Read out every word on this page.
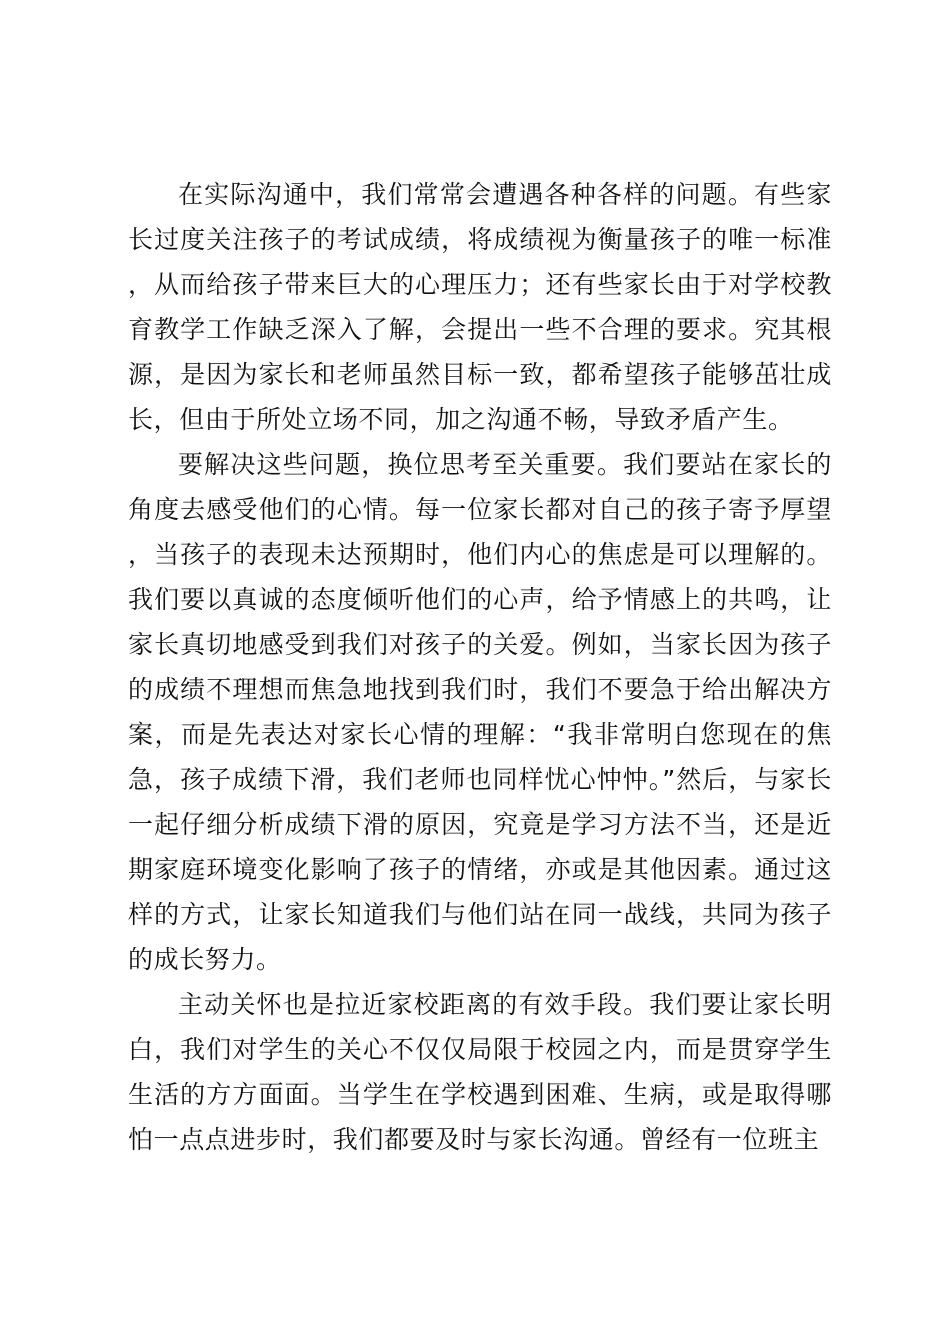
在实际沟通中，我们常常会遭遇各种各样的问题。有些家长过度关注孩子的考试成绩，将成绩视为衡量孩子的唯一标准，从而给孩子带来巨大的心理压力；还有些家长由于对学校教育教学工作缺乏深入了解，会提出一些不合理的要求。究其根源，是因为家长和老师虽然目标一致，都希望孩子能够茁壮成长，但由于所处立场不同，加之沟通不畅，导致矛盾产生。

要解决这些问题，换位思考至关重要。我们要站在家长的角度去感受他们的心情。每一位家长都对自己的孩子寄予厚望，当孩子的表现未达预期时，他们内心的焦虑是可以理解的。我们要以真诚的态度倾听他们的心声，给予情感上的共鸣，让家长真切地感受到我们对孩子的关爱。例如，当家长因为孩子的成绩不理想而焦急地找到我们时，我们不要急于给出解决方案，而是先表达对家长心情的理解：“我非常明白您现在的焦急，孩子成绩下滑，我们老师也同样忧心忡忡。”然后，与家长一起仔细分析成绩下滑的原因，究竟是学习方法不当，还是近期家庭环境变化影响了孩子的情绪，亦或是其他因素。通过这样的方式，让家长知道我们与他们站在同一战线，共同为孩子的成长努力。

主动关怀也是拉近家校距离的有效手段。我们要让家长明白，我们对学生的关心不仅仅局限于校园之内，而是贯穿学生生活的方方面面。当学生在学校遇到困难、生病，或是取得哪怕一点点进步时，我们都要及时与家长沟通。曾经有一位班主
